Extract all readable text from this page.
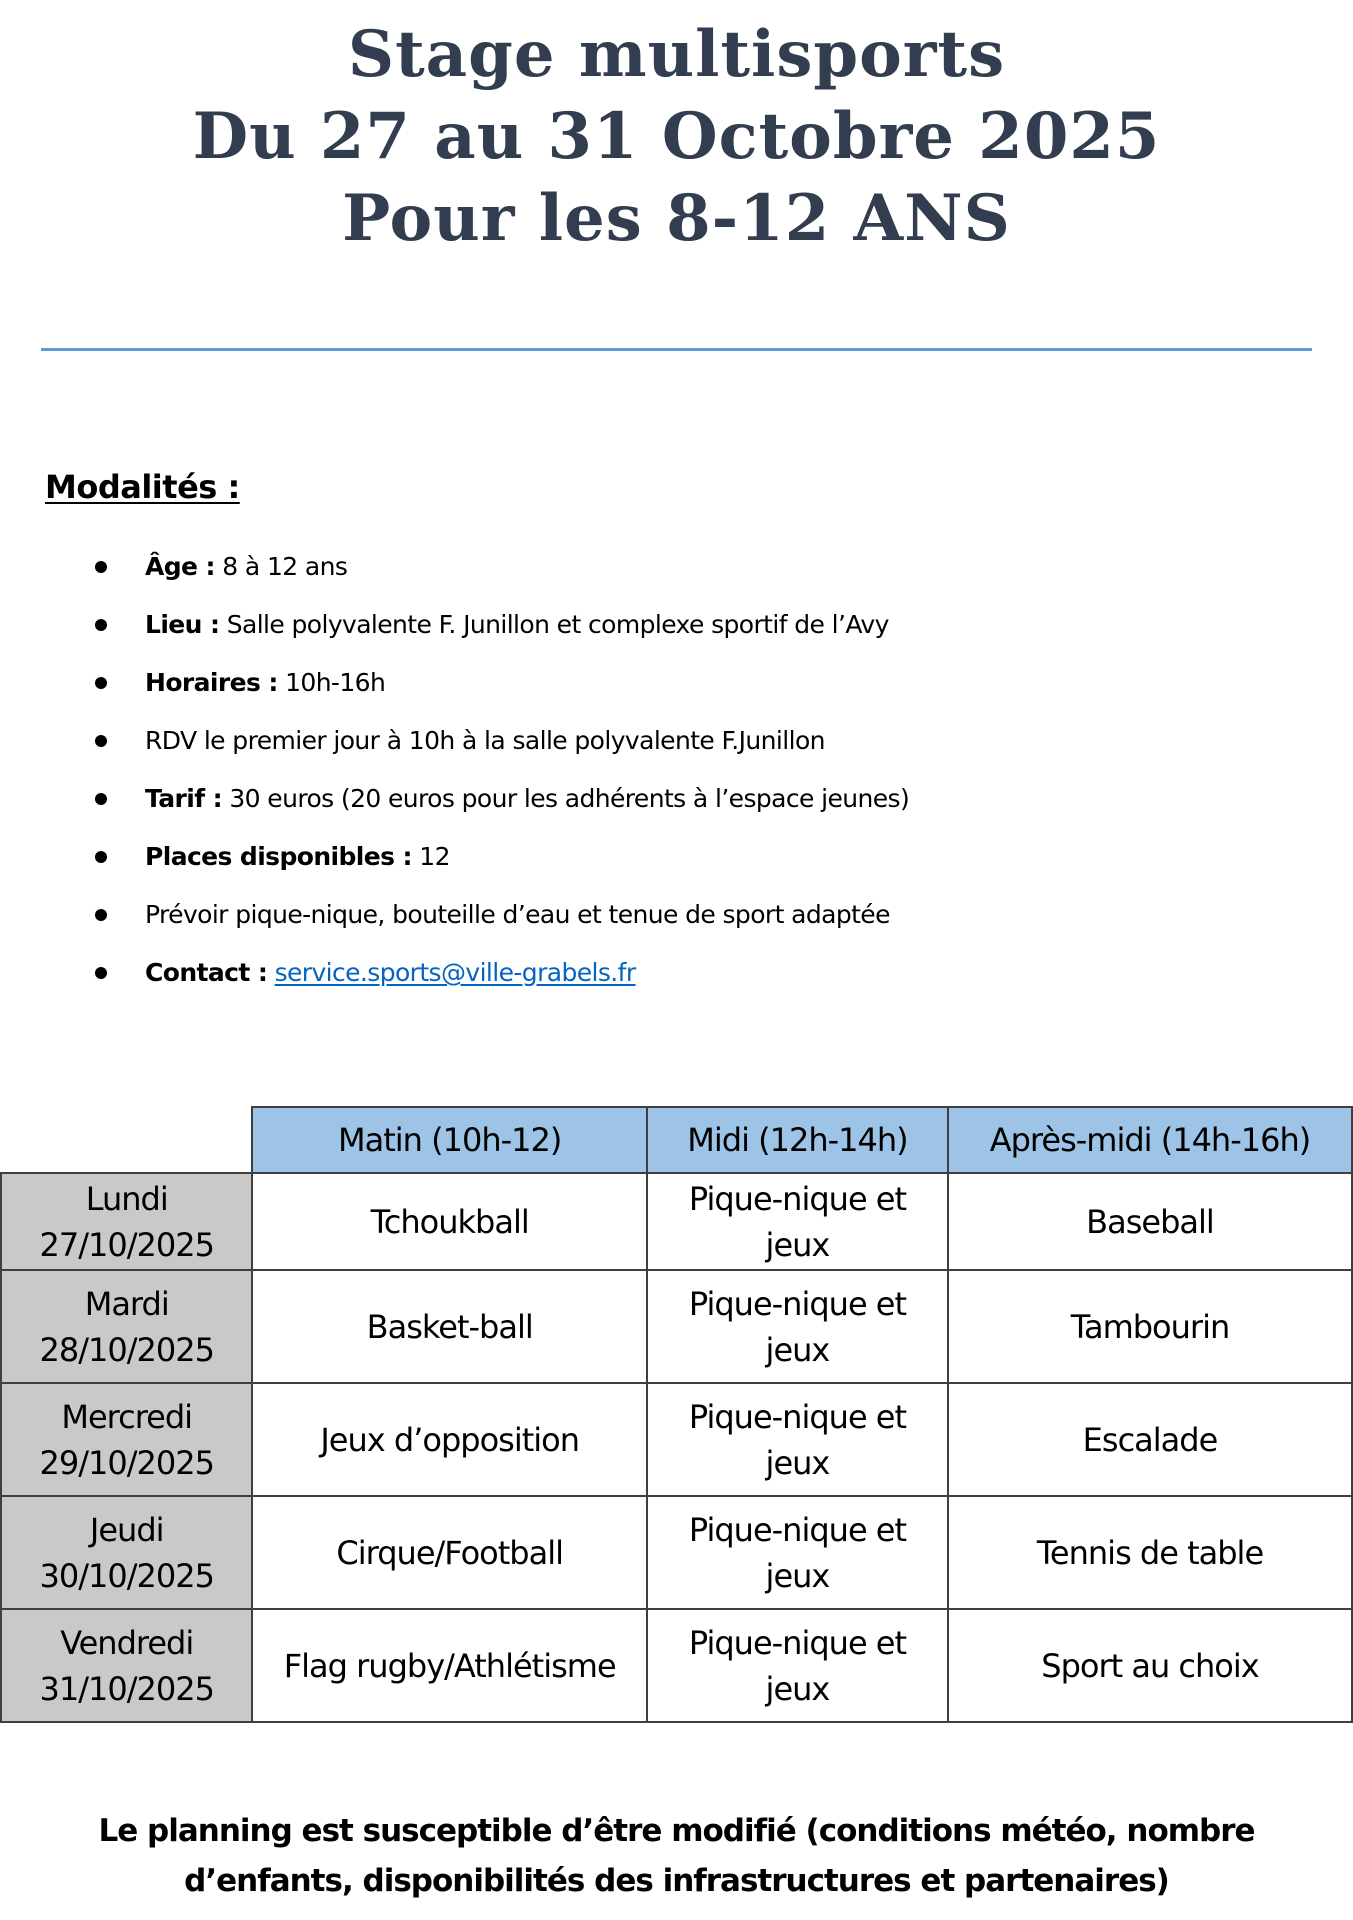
Stage multisports
Du 27 au 31 Octobre 2025
Pour les 8-12 ANS
Modalités :
Âge : 8 à 12 ans
Lieu : Salle polyvalente F. Junillon et complexe sportif de l’Avy
Horaires : 10h-16h
RDV le premier jour à 10h à la salle polyvalente F.Junillon
Tarif : 30 euros (20 euros pour les adhérents à l’espace jeunes)
Places disponibles : 12
Prévoir pique-nique, bouteille d’eau et tenue de sport adaptée
Contact : service.sports@ville-grabels.fr
	Matin (10h-12)	Midi (12h-14h)	Après-midi (14h-16h)

Lundi
27/10/2025	Tchoukball	Pique-nique et jeux	Baseball

Mardi
28/10/2025	Basket-ball	Pique-nique et jeux	Tambourin

Mercredi
29/10/2025	Jeux d’opposition	Pique-nique et jeux	Escalade

Jeudi
30/10/2025	Cirque/Football	Pique-nique et jeux	Tennis de table

Vendredi
31/10/2025	Flag rugby/Athlétisme	Pique-nique et jeux	Sport au choix
Le planning est susceptible d’être modifié (conditions météo, nombre
d’enfants, disponibilités des infrastructures et partenaires)
